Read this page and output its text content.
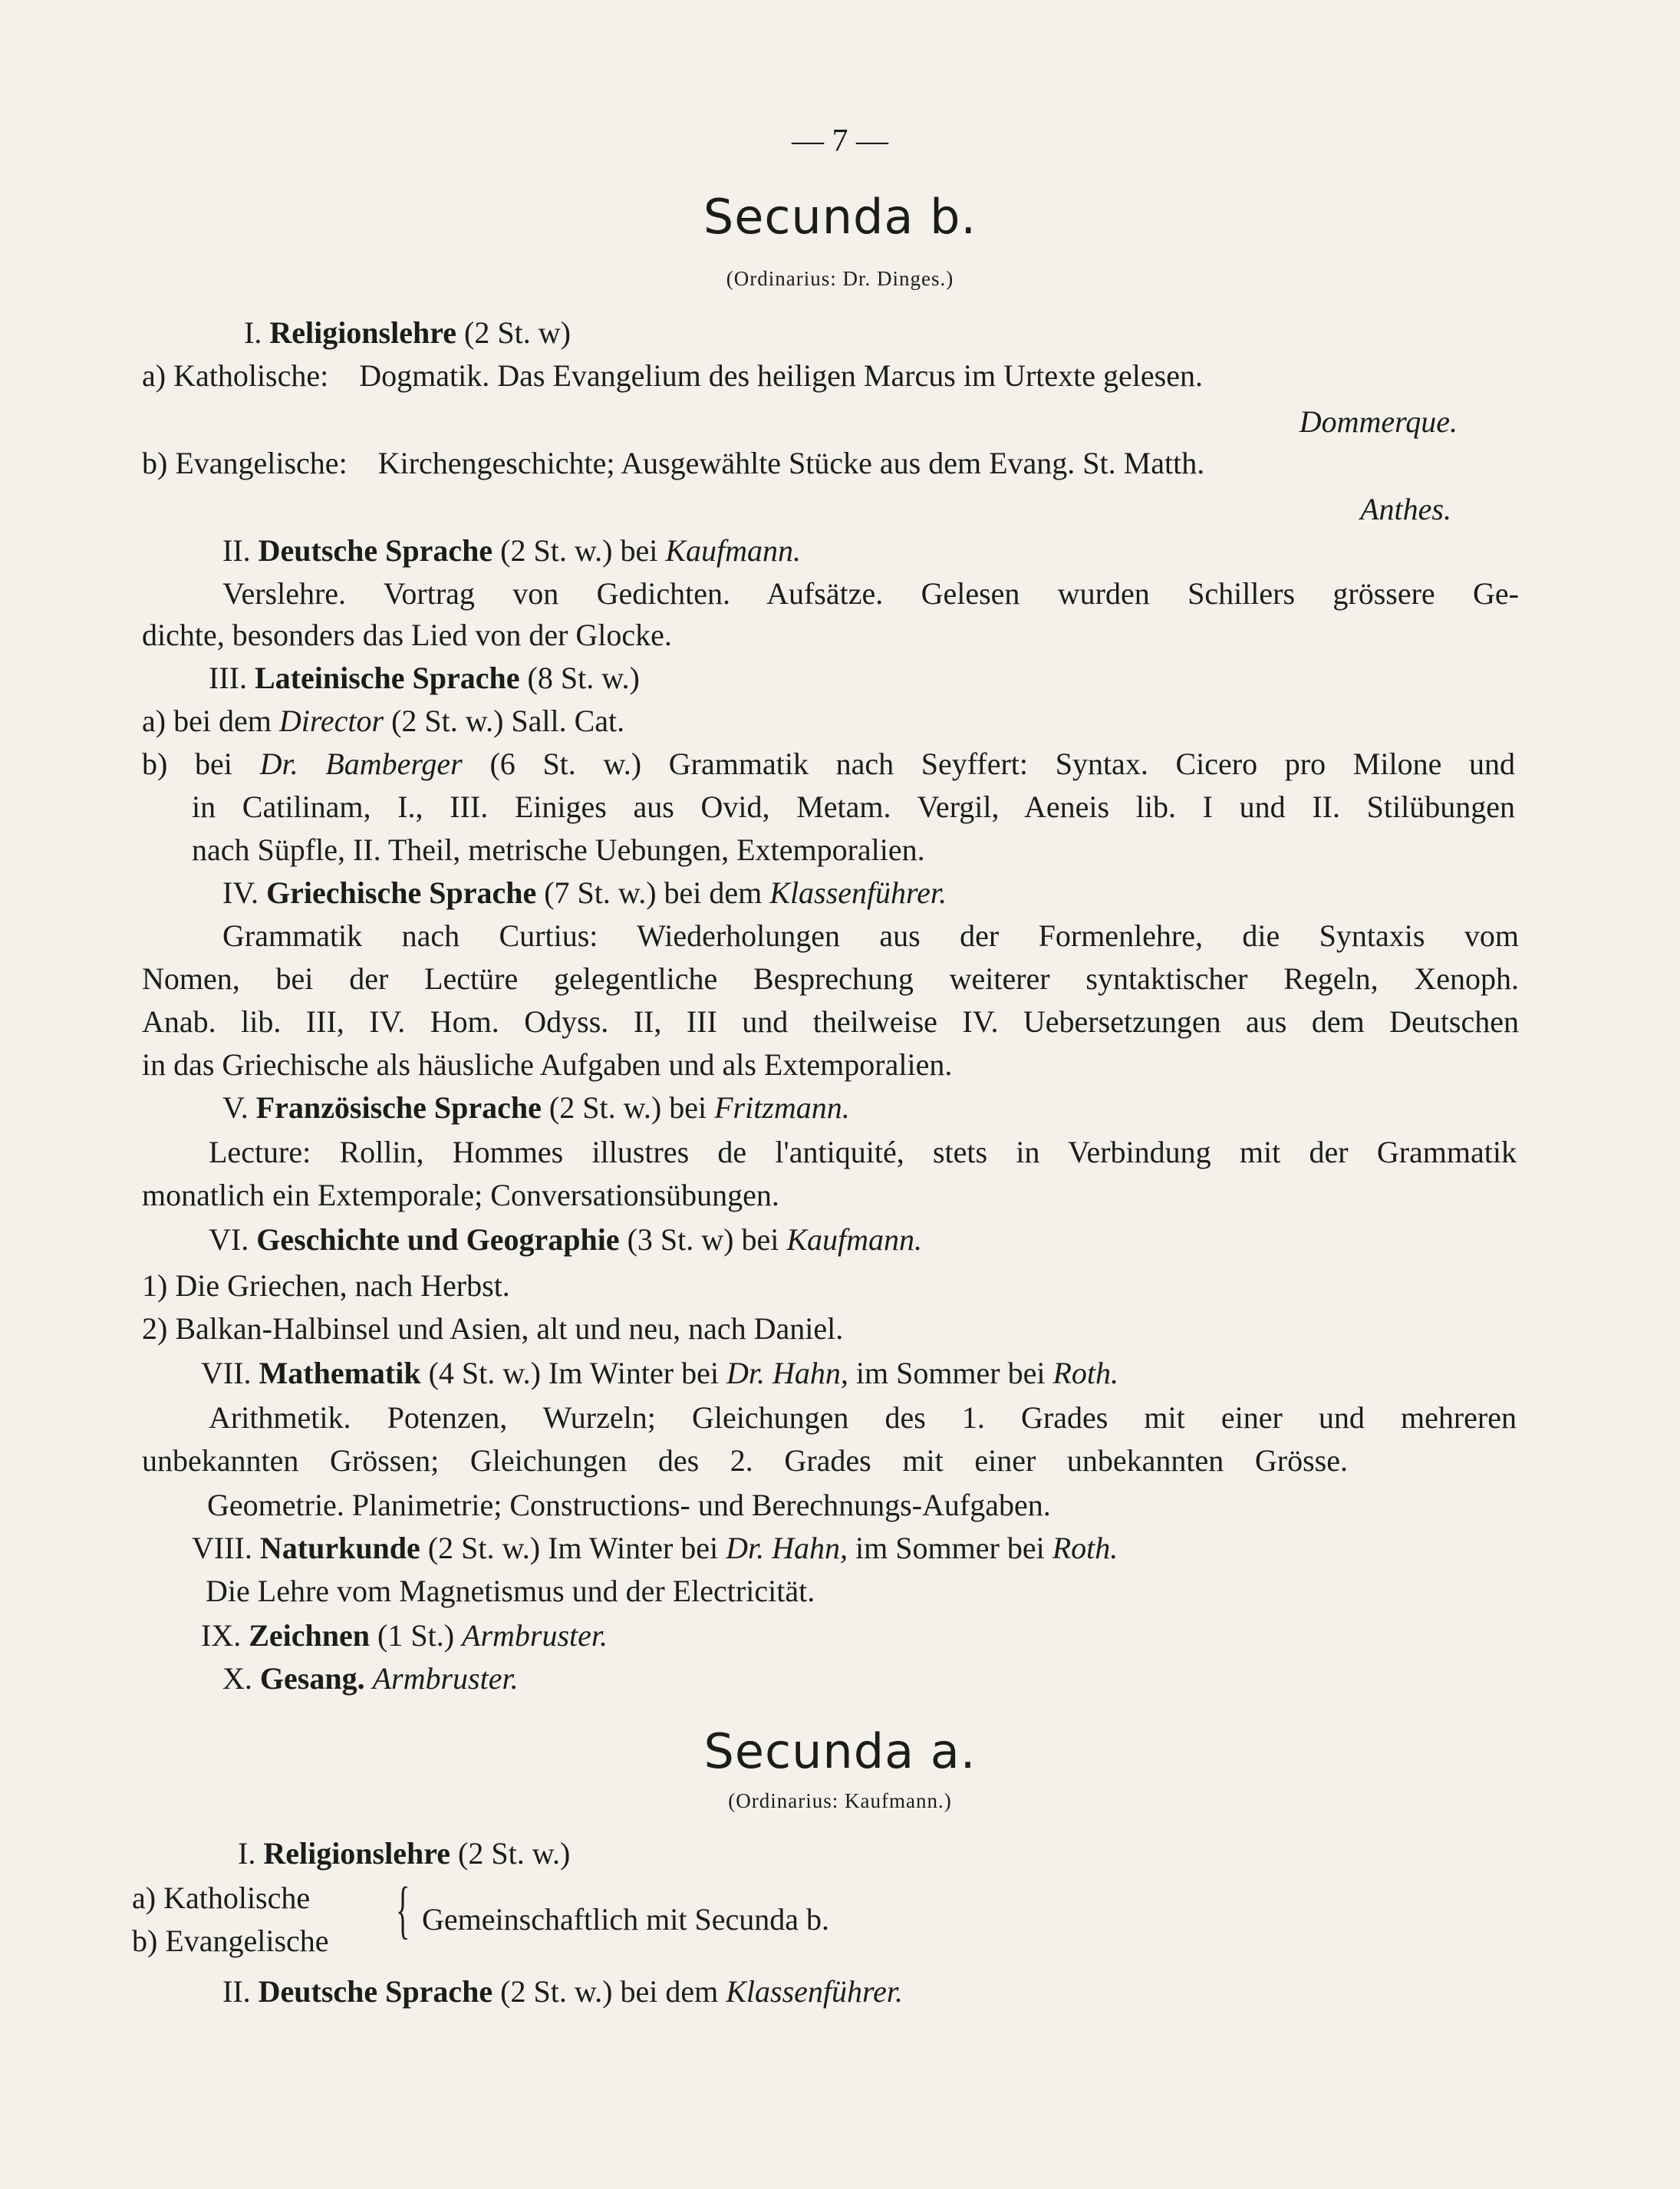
— 7 —
Secunda b.
(Ordinarius: Dr. Dinges.)
I. Religionslehre (2 St. w)
a) Katholische: Dogmatik. Das Evangelium des heiligen Marcus im Urtexte gelesen.
Dommerque.
b) Evangelische: Kirchengeschichte; Ausgewählte Stücke aus dem Evang. St. Matth.
Anthes.
II. Deutsche Sprache (2 St. w.) bei Kaufmann.
Verslehre. Vortrag von Gedichten. Aufsätze. Gelesen wurden Schillers grössere Ge-
dichte, besonders das Lied von der Glocke.
III. Lateinische Sprache (8 St. w.)
a) bei dem Director (2 St. w.) Sall. Cat.
b) bei Dr. Bamberger (6 St. w.) Grammatik nach Seyffert: Syntax. Cicero pro Milone und
in Catilinam, I., III. Einiges aus Ovid, Metam. Vergil, Aeneis lib. I und II. Stilübungen
nach Süpfle, II. Theil, metrische Uebungen, Extemporalien.
IV. Griechische Sprache (7 St. w.) bei dem Klassenführer.
Grammatik nach Curtius: Wiederholungen aus der Formenlehre, die Syntaxis vom
Nomen, bei der Lectüre gelegentliche Besprechung weiterer syntaktischer Regeln, Xenoph.
Anab. lib. III, IV. Hom. Odyss. II, III und theilweise IV. Uebersetzungen aus dem Deutschen
in das Griechische als häusliche Aufgaben und als Extemporalien.
V. Französische Sprache (2 St. w.) bei Fritzmann.
Lecture: Rollin, Hommes illustres de l'antiquité, stets in Verbindung mit der Grammatik
monatlich ein Extemporale; Conversationsübungen.
VI. Geschichte und Geographie (3 St. w) bei Kaufmann.
1) Die Griechen, nach Herbst.
2) Balkan-Halbinsel und Asien, alt und neu, nach Daniel.
VII. Mathematik (4 St. w.) Im Winter bei Dr. Hahn, im Sommer bei Roth.
Arithmetik. Potenzen, Wurzeln; Gleichungen des 1. Grades mit einer und mehreren
unbekannten Grössen; Gleichungen des 2. Grades mit einer unbekannten Grösse.
Geometrie. Planimetrie; Constructions- und Berechnungs-Aufgaben.
VIII. Naturkunde (2 St. w.) Im Winter bei Dr. Hahn, im Sommer bei Roth.
Die Lehre vom Magnetismus und der Electricität.
IX. Zeichnen (1 St.) Armbruster.
X. Gesang. Armbruster.
Secunda a.
(Ordinarius: Kaufmann.)
I. Religionslehre (2 St. w.)
a) Katholische
b) Evangelische { Gemeinschaftlich mit Secunda b.
II. Deutsche Sprache (2 St. w.) bei dem Klassenführer.
